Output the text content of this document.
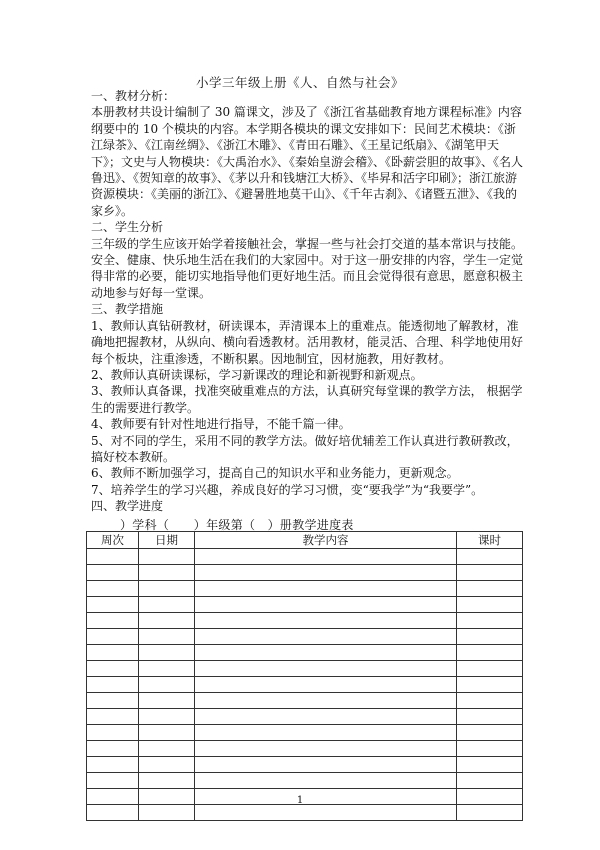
小学三年级上册《人、自然与社会》

一、教材分析：

本册教材共设计编制了 30 篇课文，涉及了《浙江省基础教育地方课程标准》内容纲要中的 10 个模块的内容。本学期各模块的课文安排如下：民间艺术模块：《浙江绿茶》、《江南丝绸》、《浙江木雕》、《青田石雕》、《王星记纸扇》、《湖笔甲天下》；文史与人物模块：《大禹治水》、《秦始皇游会稽》、《卧薪尝胆的故事》、《名人鲁迅》、《贺知章的故事》、《茅以升和钱塘江大桥》、《毕昇和活字印刷》；浙江旅游资源模块：《美丽的浙江》、《避暑胜地莫干山》、《千年古刹》、《诸暨五泄》、《我的家乡》。

二、学生分析

三年级的学生应该开始学着接触社会，掌握一些与社会打交道的基本常识与技能。安全、健康、快乐地生活在我们的大家园中。对于这一册安排的内容，学生一定觉得非常的必要，能切实地指导他们更好地生活。而且会觉得很有意思，愿意积极主动地参与好每一堂课。

三、教学措施

1、教师认真钻研教材，研读课本，弄清课本上的重难点。能透彻地了解教材，准确地把握教材，从纵向、横向看透教材。活用教材，能灵活、合理、科学地使用好每个板块，注重渗透，不断积累。因地制宜，因材施教，用好教材。

2、教师认真研读课标，学习新课改的理论和新视野和新观点。

3、教师认真备课，找准突破重难点的方法，认真研究每堂课的教学方法， 根据学生的需要进行教学。

4、教师要有针对性地进行指导，不能千篇一律。

5、对不同的学生，采用不同的教学方法。做好培优辅差工作认真进行教研教改，搞好校本教研。

6、教师不断加强学习，提高自己的知识水平和业务能力，更新观念。

7、培养学生的学习兴趣，养成良好的学习习惯，变“要我学”为“我要学”。

四、教学进度

）学科（　　）年级第（　）册教学进度表
周次	日期	教学内容	课时

1
